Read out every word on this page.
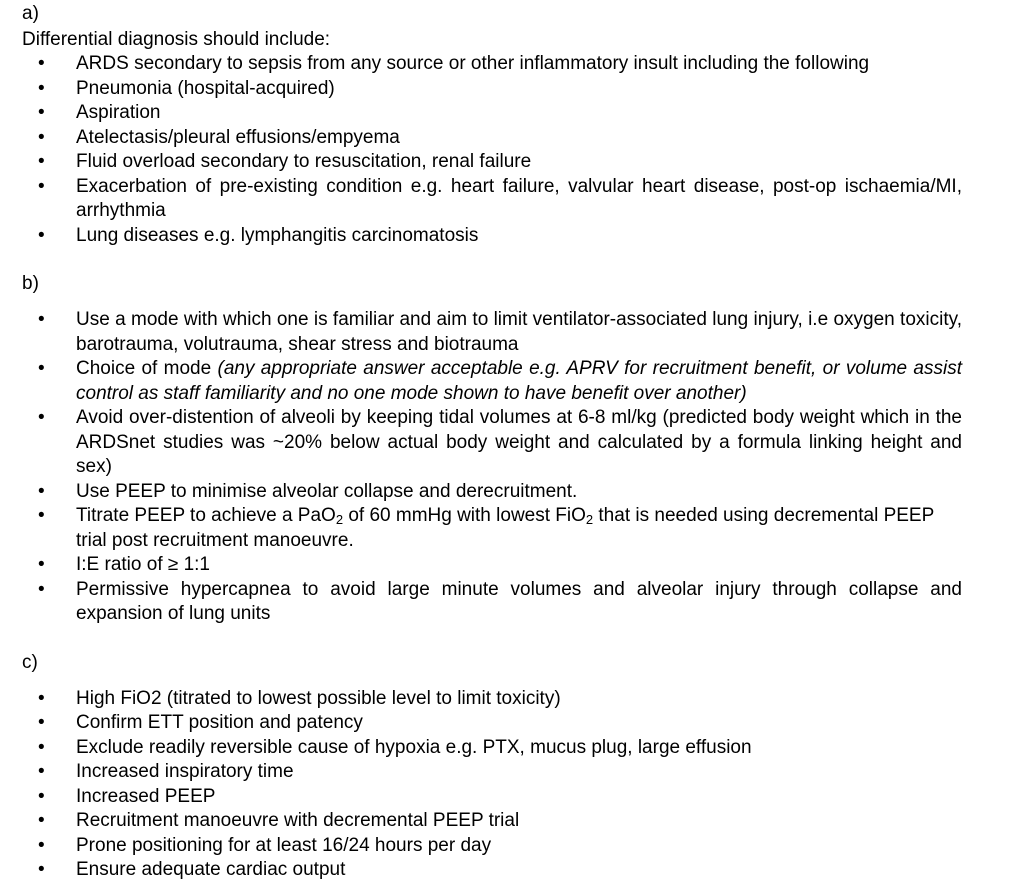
a)
Differential diagnosis should include:
•	ARDS secondary to sepsis from any source or other inflammatory insult including the following
•	Pneumonia (hospital-acquired)
•	Aspiration
•	Atelectasis/pleural effusions/empyema
•	Fluid overload secondary to resuscitation, renal failure
•	Exacerbation of pre-existing condition e.g. heart failure, valvular heart disease, post-op ischaemia/MI, arrhythmia
•	Lung diseases e.g. lymphangitis carcinomatosis
b)
•	Use a mode with which one is familiar and aim to limit ventilator-associated lung injury, i.e oxygen toxicity, barotrauma, volutrauma, shear stress and biotrauma
•	Choice of mode (any appropriate answer acceptable e.g. APRV for recruitment benefit, or volume assist control as staff familiarity and no one mode shown to have benefit over another)
•	Avoid over-distention of alveoli by keeping tidal volumes at 6-8 ml/kg (predicted body weight which in the ARDSnet studies was ~20% below actual body weight and calculated by a formula linking height and sex)
•	Use PEEP to minimise alveolar collapse and derecruitment.
•	Titrate PEEP to achieve a PaO$_2$ of 60 mmHg with lowest FiO$_2$ that is needed using decremental PEEP trial post recruitment manoeuvre.
•	I:E ratio of ≥ 1:1
•	Permissive hypercapnea to avoid large minute volumes and alveolar injury through collapse and expansion of lung units
c)
•	High FiO2 (titrated to lowest possible level to limit toxicity)
•	Confirm ETT position and patency
•	Exclude readily reversible cause of hypoxia e.g. PTX, mucus plug, large effusion
•	Increased inspiratory time
•	Increased PEEP
•	Recruitment manoeuvre with decremental PEEP trial
•	Prone positioning for at least 16/24 hours per day
•	Ensure adequate cardiac output
